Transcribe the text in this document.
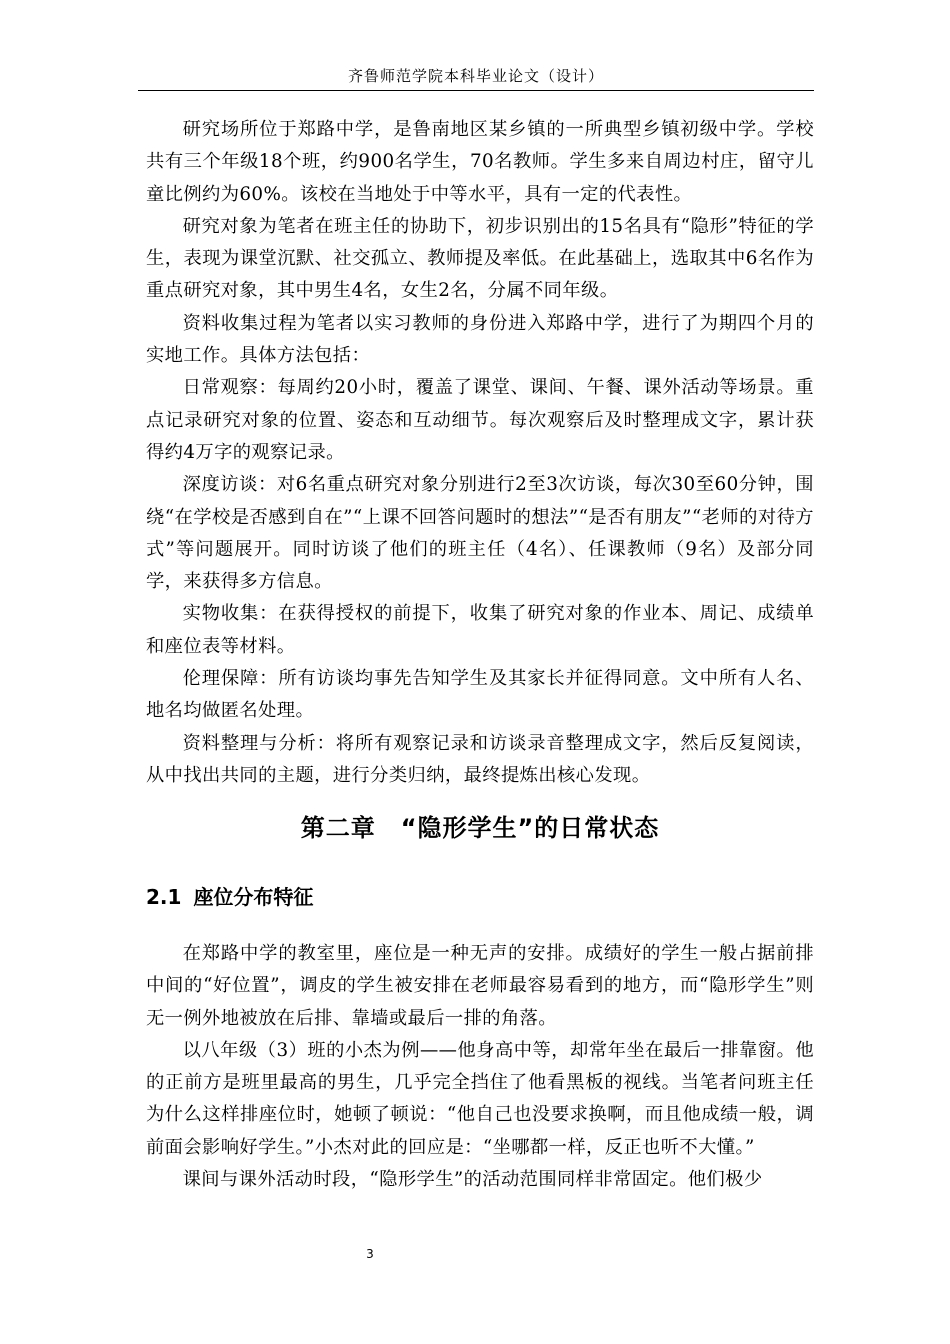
齐鲁师范学院本科毕业论文（设计）

研究场所位于郑路中学，是鲁南地区某乡镇的一所典型乡镇初级中学。学校共有三个年级18个班，约900名学生，70名教师。学生多来自周边村庄，留守儿童比例约为60%。该校在当地处于中等水平，具有一定的代表性。

研究对象为笔者在班主任的协助下，初步识别出的15名具有“隐形”特征的学生，表现为课堂沉默、社交孤立、教师提及率低。在此基础上，选取其中6名作为重点研究对象，其中男生4名，女生2名，分属不同年级。

资料收集过程为笔者以实习教师的身份进入郑路中学，进行了为期四个月的实地工作。具体方法包括：

日常观察：每周约20小时，覆盖了课堂、课间、午餐、课外活动等场景。重点记录研究对象的位置、姿态和互动细节。每次观察后及时整理成文字，累计获得约4万字的观察记录。

深度访谈：对6名重点研究对象分别进行2至3次访谈，每次30至60分钟，围绕“在学校是否感到自在”“上课不回答问题时的想法”“是否有朋友”“老师的对待方式”等问题展开。同时访谈了他们的班主任（4名）、任课教师（9名）及部分同学，来获得多方信息。

实物收集：在获得授权的前提下，收集了研究对象的作业本、周记、成绩单和座位表等材料。

伦理保障：所有访谈均事先告知学生及其家长并征得同意。文中所有人名、地名均做匿名处理。

资料整理与分析：将所有观察记录和访谈录音整理成文字，然后反复阅读，从中找出共同的主题，进行分类归纳，最终提炼出核心发现。

第二章　“隐形学生”的日常状态
2.1 座位分布特征

在郑路中学的教室里，座位是一种无声的安排。成绩好的学生一般占据前排中间的“好位置”，调皮的学生被安排在老师最容易看到的地方，而“隐形学生”则无一例外地被放在后排、靠墙或最后一排的角落。

以八年级（3）班的小杰为例——他身高中等，却常年坐在最后一排靠窗。他的正前方是班里最高的男生，几乎完全挡住了他看黑板的视线。当笔者问班主任为什么这样排座位时，她顿了顿说：“他自己也没要求换啊，而且他成绩一般，调前面会影响好学生。”小杰对此的回应是：“坐哪都一样，反正也听不大懂。”

课间与课外活动时段，“隐形学生”的活动范围同样非常固定。他们极少

3
